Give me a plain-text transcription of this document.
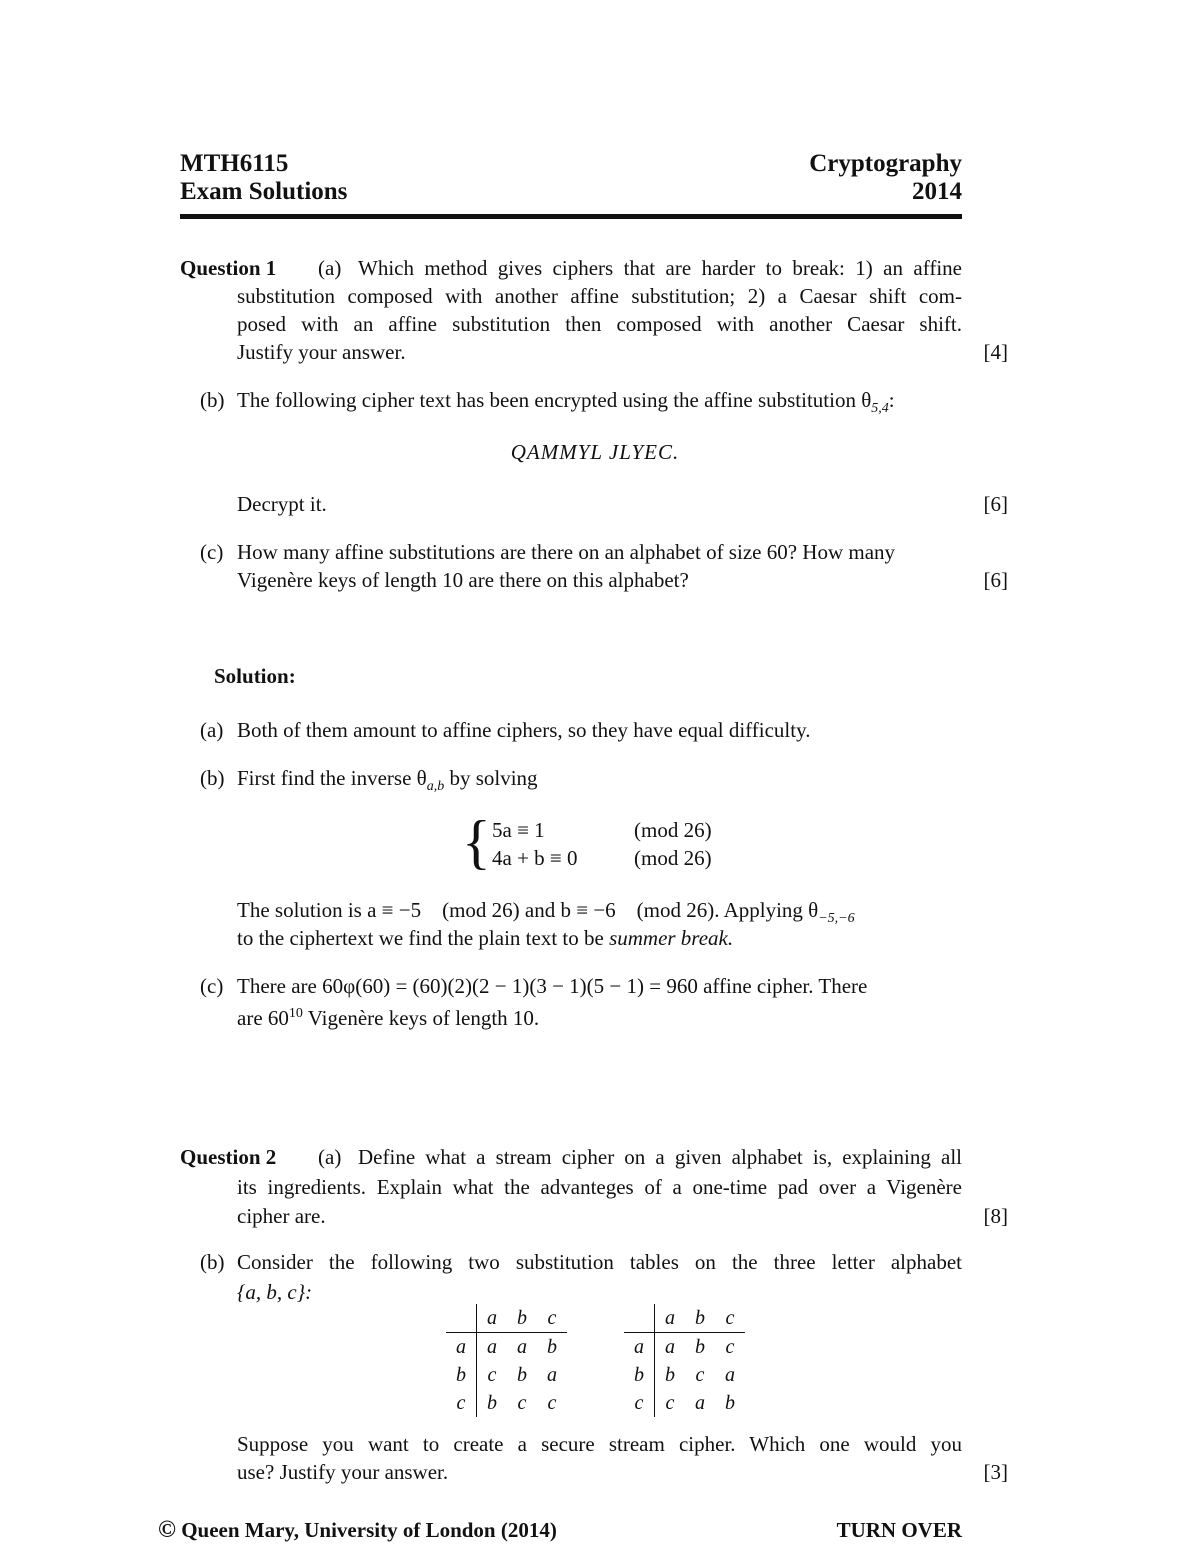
MTH6115
Exam Solutions
Cryptography
2014
Question 1 (a) Which method gives ciphers that are harder to break: 1) an affine
substitution composed with another affine substitution; 2) a Caesar shift com-
posed with an affine substitution then composed with another Caesar shift.
Justify your answer.	[4]
(b) The following cipher text has been encrypted using the affine substitution $\theta_{5,4}$:
QAMMYL JLYEC.
Decrypt it.	[6]
(c) How many affine substitutions are there on an alphabet of size 60? How many
Vigenère keys of length 10 are there on this alphabet?	[6]
Solution:
(a) Both of them amount to affine ciphers, so they have equal difficulty.
(b) First find the inverse $\theta_{a,b}$ by solving
{ 5a ≡ 1	(mod 26)
4a + b ≡ 0	(mod 26)
The solution is a ≡ −5    (mod 26) and b ≡ −6    (mod 26). Applying $\theta_{-5,-6}$
to the ciphertext we find the plain text to be summer break.
(c) There are 60φ(60) = (60)(2)(2 − 1)(3 − 1)(5 − 1) = 960 affine cipher. There
are $60^{10}$ Vigenère keys of length 10.
Question 2 (a) Define what a stream cipher on a given alphabet is, explaining all
its ingredients. Explain what the advanteges of a one-time pad over a Vigenère
cipher are.	[8]
(b) Consider the following two substitution tables on the three letter alphabet
{a, b, c}:
	a	b	c
a	a	a	b
b	c	b	a
c	b	c	c
	a	b	c
a	a	b	c
b	b	c	a
c	c	a	b
Suppose you want to create a secure stream cipher. Which one would you
use? Justify your answer.	[3]
© Queen Mary, University of London (2014)	TURN OVER
